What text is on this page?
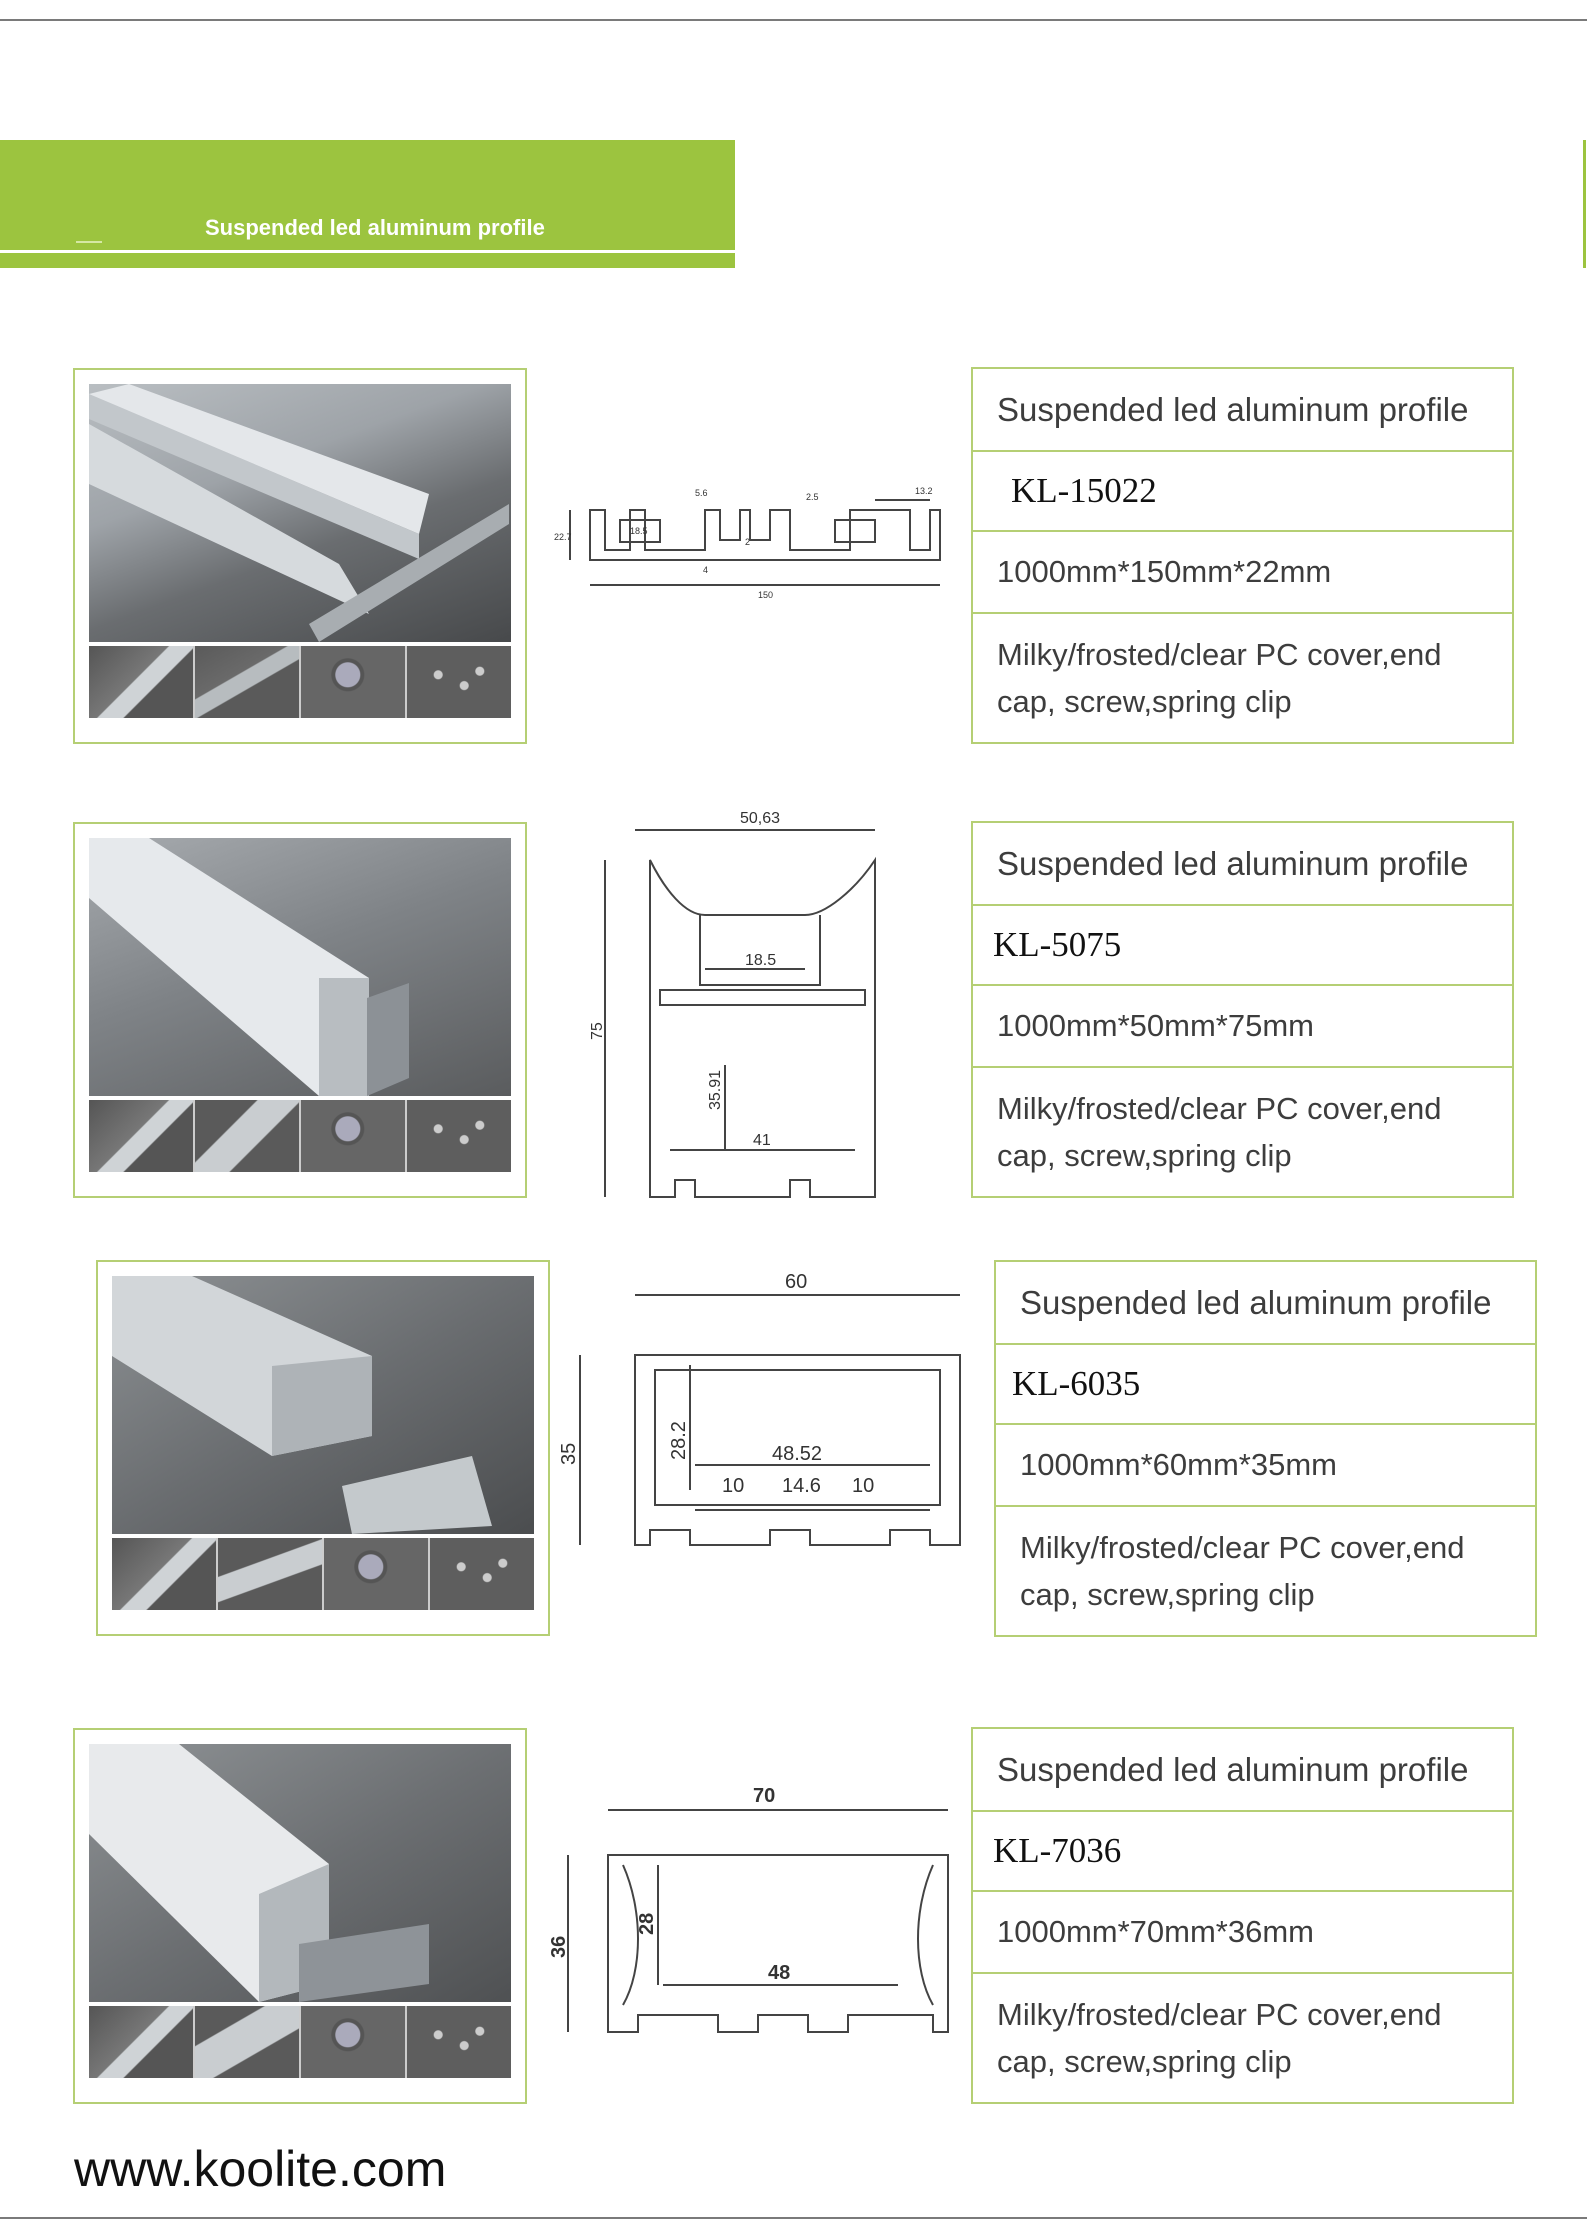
Suspended led aluminum profile
22.7
150
18.5
5.6	2.5
13.2
2
4
Suspended led aluminum profile
KL-15022
1000mm*150mm*22mm
Milky/frosted/clear PC cover,end cap, screw,spring clip
50,63
18.5
41
75
35.91
Suspended led aluminum profile
KL-5075
1000mm*50mm*75mm
Milky/frosted/clear PC cover,end cap, screw,spring clip
60
48.52
10 14.6 10
35	28.2
Suspended led aluminum profile
KL-6035
1000mm*60mm*35mm
Milky/frosted/clear PC cover,end cap, screw,spring clip
70
48
36
28
Suspended led aluminum profile
KL-7036
1000mm*70mm*36mm
Milky/frosted/clear PC cover,end cap, screw,spring clip
www.koolite.com
